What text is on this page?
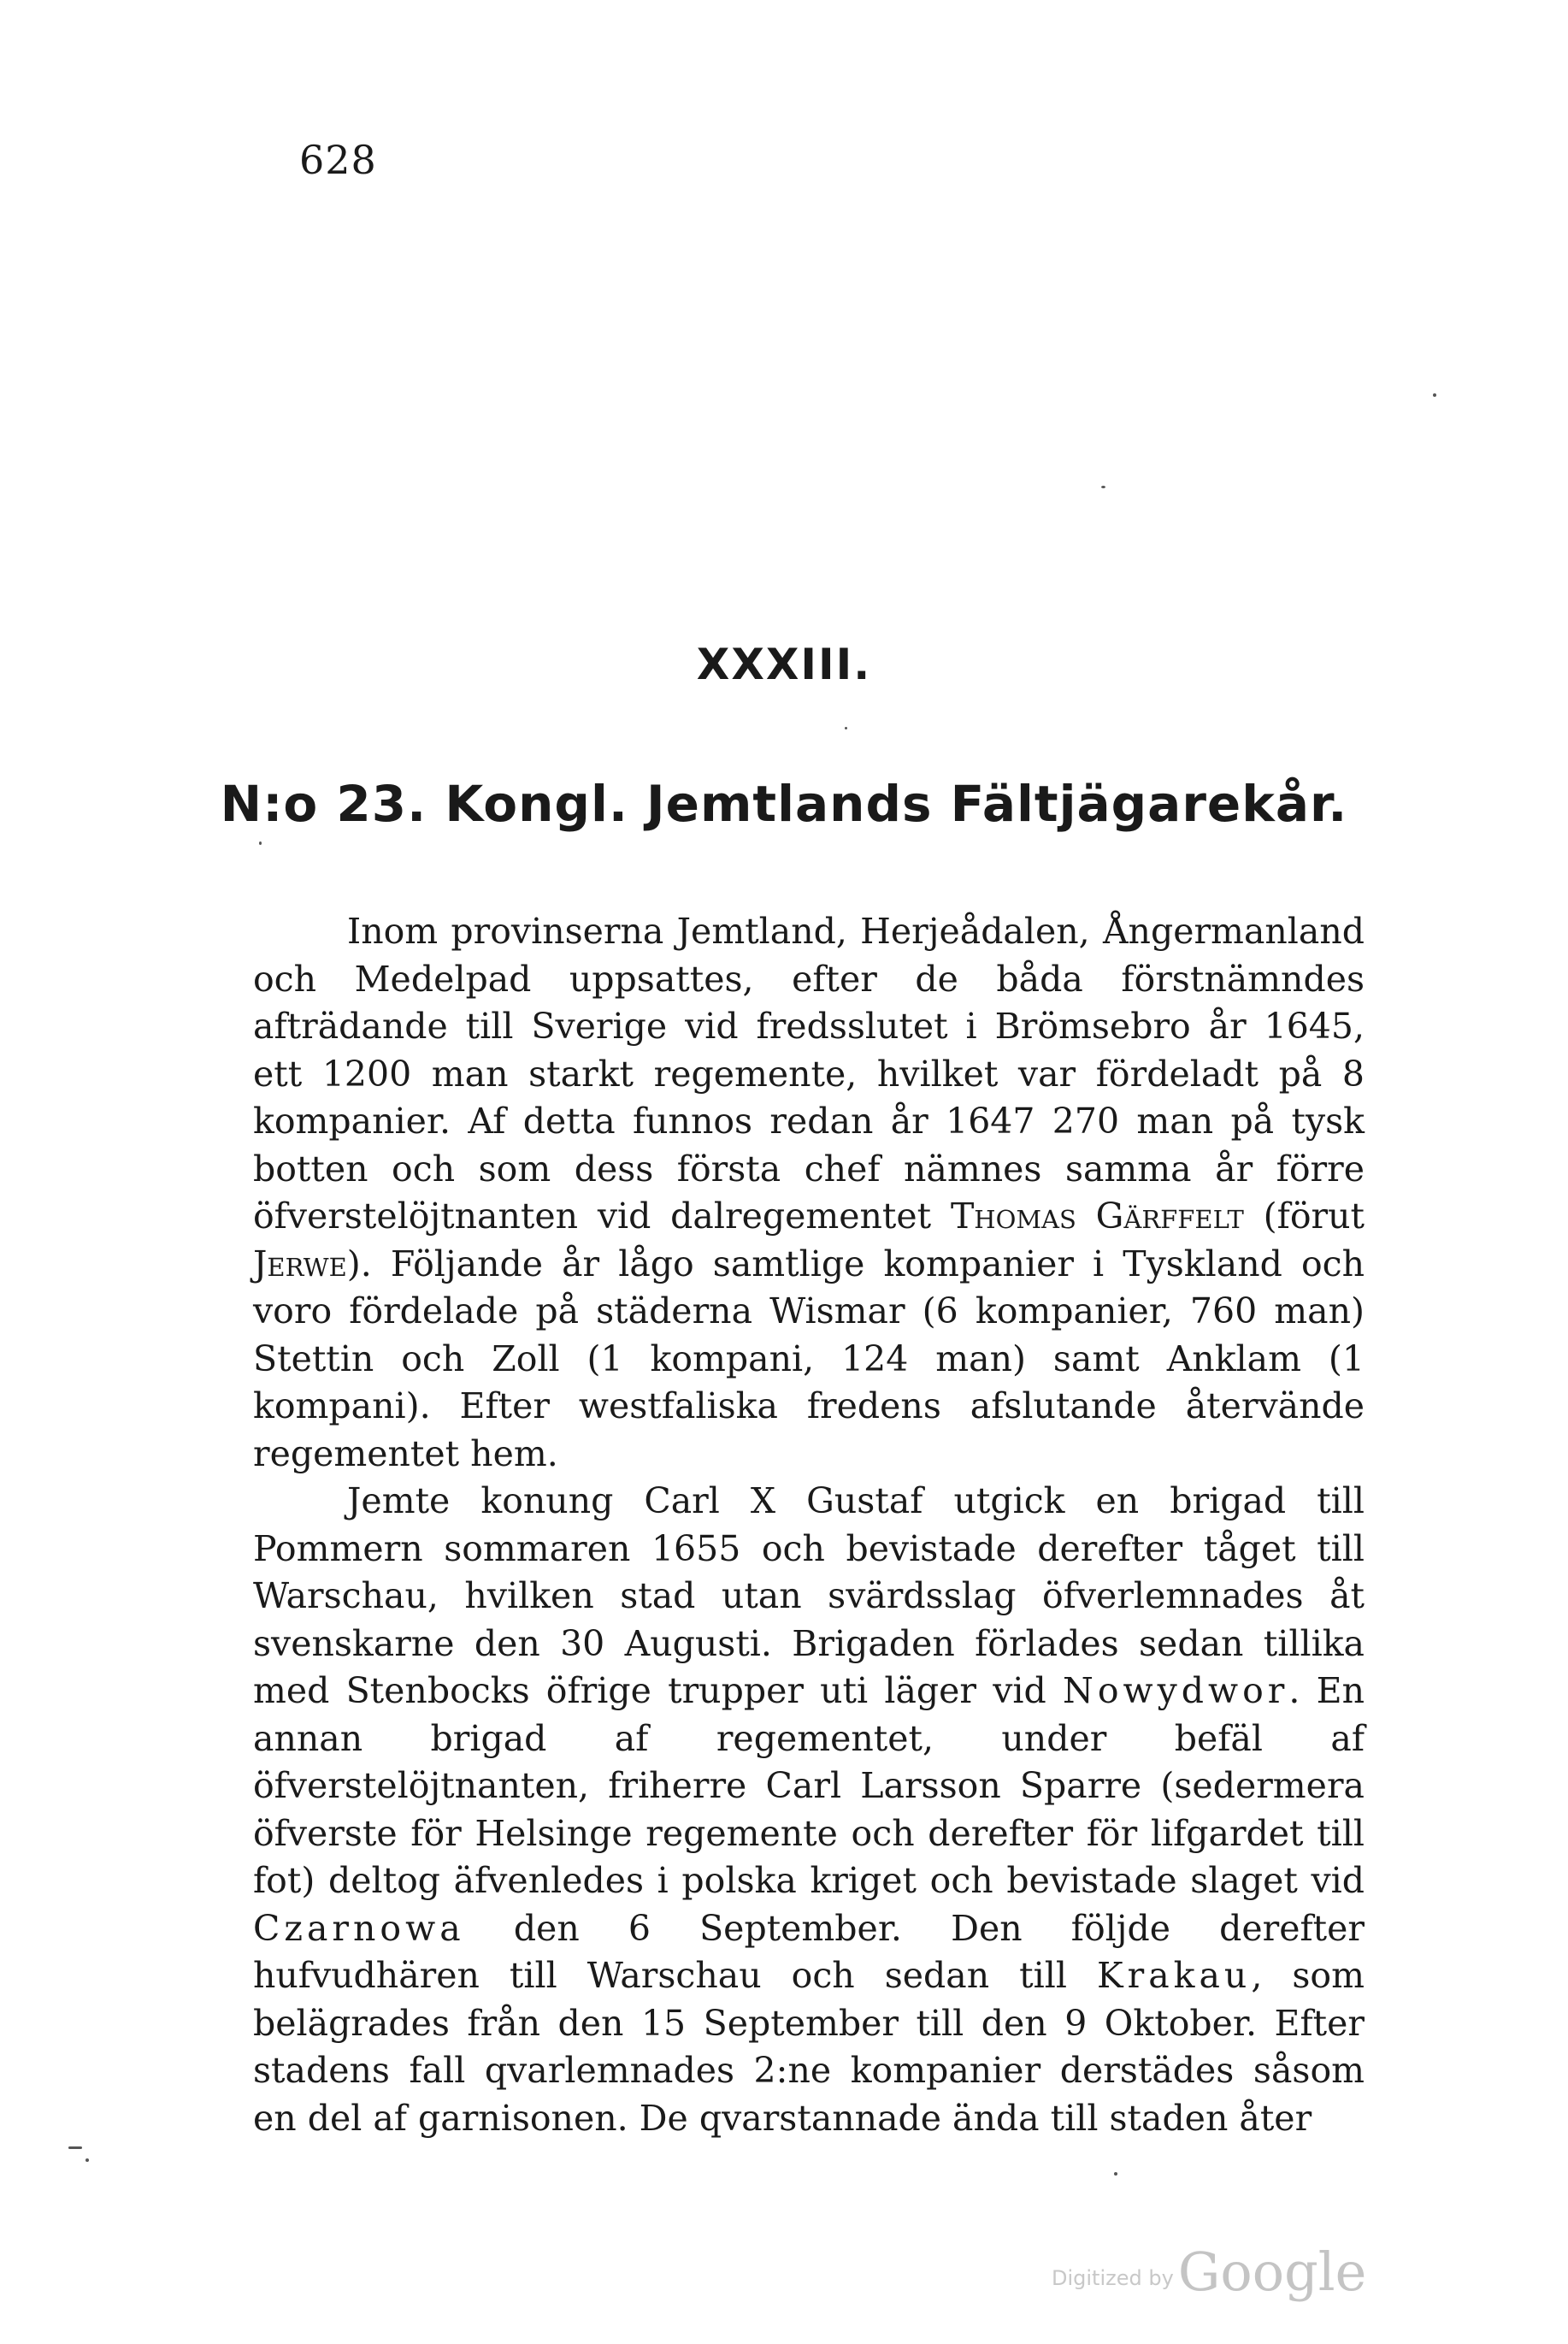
628
XXXIII.
N:o 23. Kongl. Jemtlands Fältjägarekår.

Inom provinserna Jemtland, Herjeådalen, Ångermanland och Medelpad uppsattes, efter de båda förstnämndes afträdande till Sverige vid fredsslutet i Brömsebro år 1645, ett 1200 man starkt regemente, hvilket var fördeladt på 8 kompanier. Af detta funnos redan år 1647 270 man på tysk botten och som dess första chef nämnes samma år förre öfverstelöjtnanten vid dalregementet Thomas Gärffelt (förut Jerwe). Följande år lågo samtlige kompanier i Tyskland och voro fördelade på städerna Wismar (6 kompanier, 760 man) Stettin och Zoll (1 kompani, 124 man) samt Anklam (1 kompani). Efter westfaliska fredens afslutande återvände regementet hem.

Jemte konung Carl X Gustaf utgick en brigad till Pommern sommaren 1655 och bevistade derefter tåget till Warschau, hvilken stad utan svärdsslag öfverlemnades åt svenskarne den 30 Augusti. Brigaden förlades sedan tillika med Stenbocks öfrige trupper uti läger vid Nowydwor. En annan brigad af regementet, under befäl af öfverstelöjtnanten, friherre Carl Larsson Sparre (sedermera öfverste för Helsinge regemente och derefter för lifgardet till fot) deltog äfvenledes i polska kriget och bevistade slaget vid Czarnowa den 6 September. Den följde derefter hufvudhären till Warschau och sedan till Krakau, som belägrades från den 15 September till den 9 Oktober. Efter stadens fall qvarlemnades 2:ne kompanier derstädes såsom en del af garnisonen. De qvarstannade ända till staden åter

Digitized by Google
